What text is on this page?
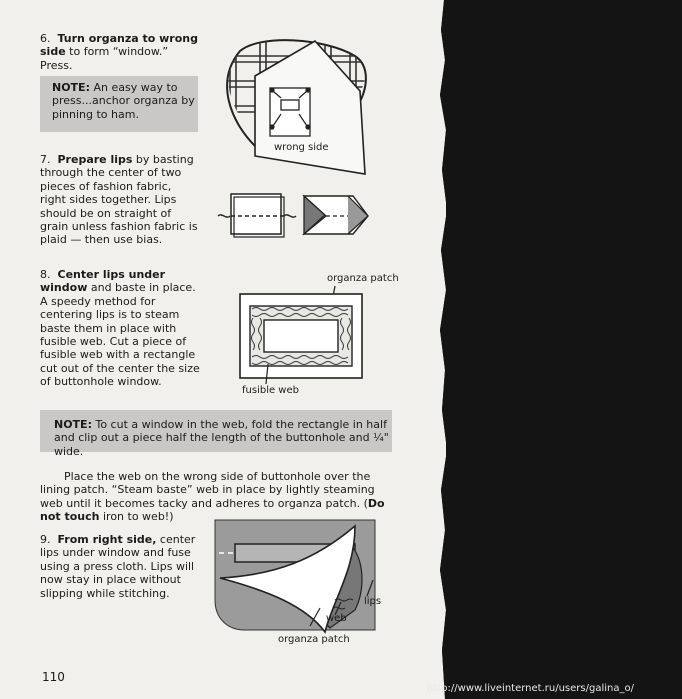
6. Turn organza to wrong side to form “window.” Press.
NOTE: An easy way to press...anchor organza by pinning to ham.
wrong side
7. Prepare lips by basting through the center of two pieces of fashion fabric, right sides together. Lips should be on straight of grain unless fashion fabric is plaid — then use bias.
8. Center lips under window and baste in place. A speedy method for centering lips is to steam baste them in place with fusible web. Cut a piece of fusible web with a rectangle cut out of the center the size of buttonhole window.
organza patch
fusible web
NOTE: To cut a window in the web, fold the rectangle in half and clip out a piece half the length of the buttonhole and ¼" wide.
Place the web on the wrong side of buttonhole over the lining patch. “Steam baste” web in place by lightly steaming web until it becomes tacky and adheres to organza patch. (Do not touch iron to web!)
9. From right side, center lips under window and fuse using a press cloth. Lips will now stay in place without slipping while stitching.
lips
web
organza patch
110
http://www.liveinternet.ru/users/galina_o/
